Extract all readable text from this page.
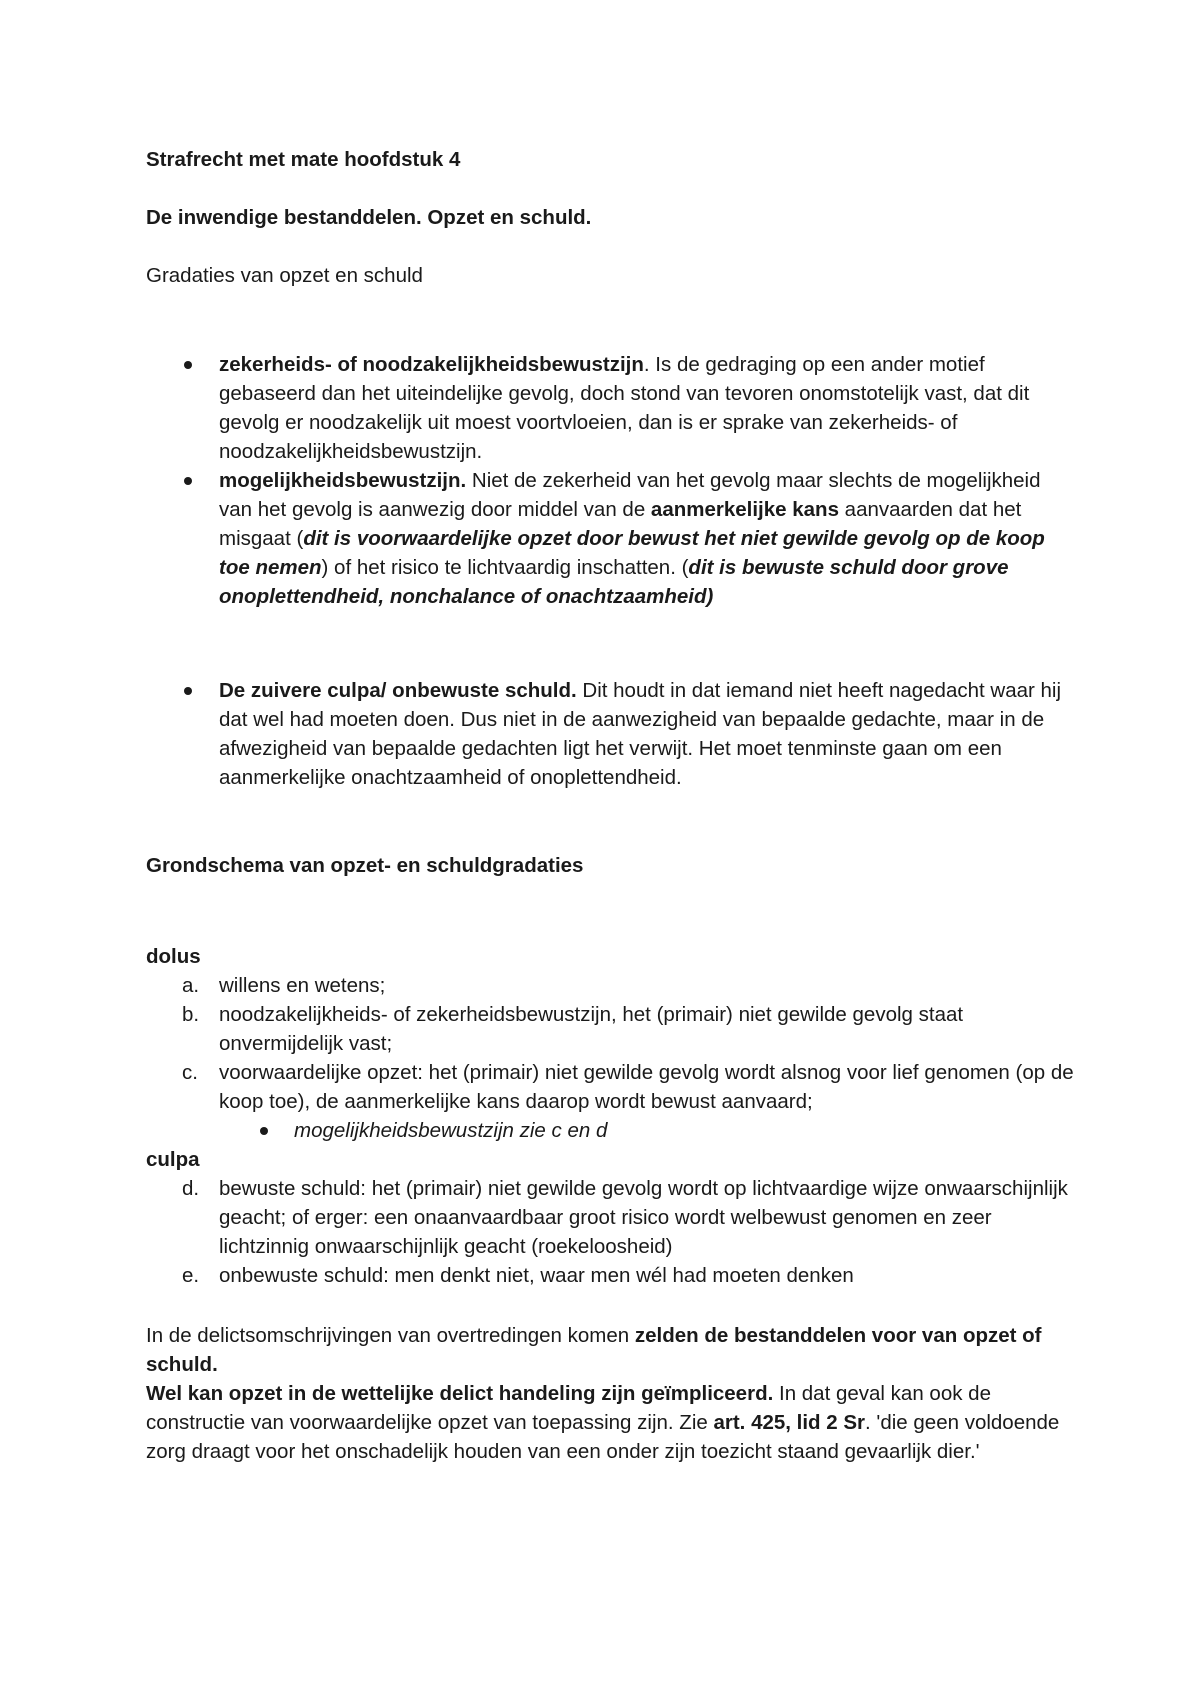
Strafrecht met mate hoofdstuk 4
De inwendige bestanddelen. Opzet en schuld.
Gradaties van opzet en schuld
zekerheids- of noodzakelijkheidsbewustzijn. Is de gedraging op een ander motief gebaseerd dan het uiteindelijke gevolg, doch stond van tevoren onomstotelijk vast, dat dit gevolg er noodzakelijk uit moest voortvloeien, dan is er sprake van zekerheids- of noodzakelijkheidsbewustzijn.
mogelijkheidsbewustzijn. Niet de zekerheid van het gevolg maar slechts de mogelijkheid van het gevolg is aanwezig door middel van de aanmerkelijke kans aanvaarden dat het misgaat (dit is voorwaardelijke opzet door bewust het niet gewilde gevolg op de koop toe nemen) of het risico te lichtvaardig inschatten. (dit is bewuste schuld door grove onoplettendheid, nonchalance of onachtzaamheid)
De zuivere culpa/ onbewuste schuld. Dit houdt in dat iemand niet heeft nagedacht waar hij dat wel had moeten doen. Dus niet in de aanwezigheid van bepaalde gedachte, maar in de afwezigheid van bepaalde gedachten ligt het verwijt. Het moet tenminste gaan om een aanmerkelijke onachtzaamheid of onoplettendheid.
Grondschema van opzet- en schuldgradaties
dolus
a. willens en wetens;
b. noodzakelijkheids- of zekerheidsbewustzijn, het (primair) niet gewilde gevolg staat onvermijdelijk vast;
c. voorwaardelijke opzet: het (primair) niet gewilde gevolg wordt alsnog voor lief genomen (op de koop toe), de aanmerkelijke kans daarop wordt bewust aanvaard;
mogelijkheidsbewustzijn zie c en d
culpa
d. bewuste schuld: het (primair) niet gewilde gevolg wordt op lichtvaardige wijze onwaarschijnlijk geacht; of erger: een onaanvaardbaar groot risico wordt welbewust genomen en zeer lichtzinnig onwaarschijnlijk geacht (roekeloosheid)
e. onbewuste schuld: men denkt niet, waar men wél had moeten denken
In de delictsomschrijvingen van overtredingen komen zelden de bestanddelen voor van opzet of schuld.
Wel kan opzet in de wettelijke delict handeling zijn geïmpliceerd. In dat geval kan ook de constructie van voorwaardelijke opzet van toepassing zijn. Zie art. 425, lid 2 Sr. 'die geen voldoende zorg draagt voor het onschadelijk houden van een onder zijn toezicht staand gevaarlijk dier.'
